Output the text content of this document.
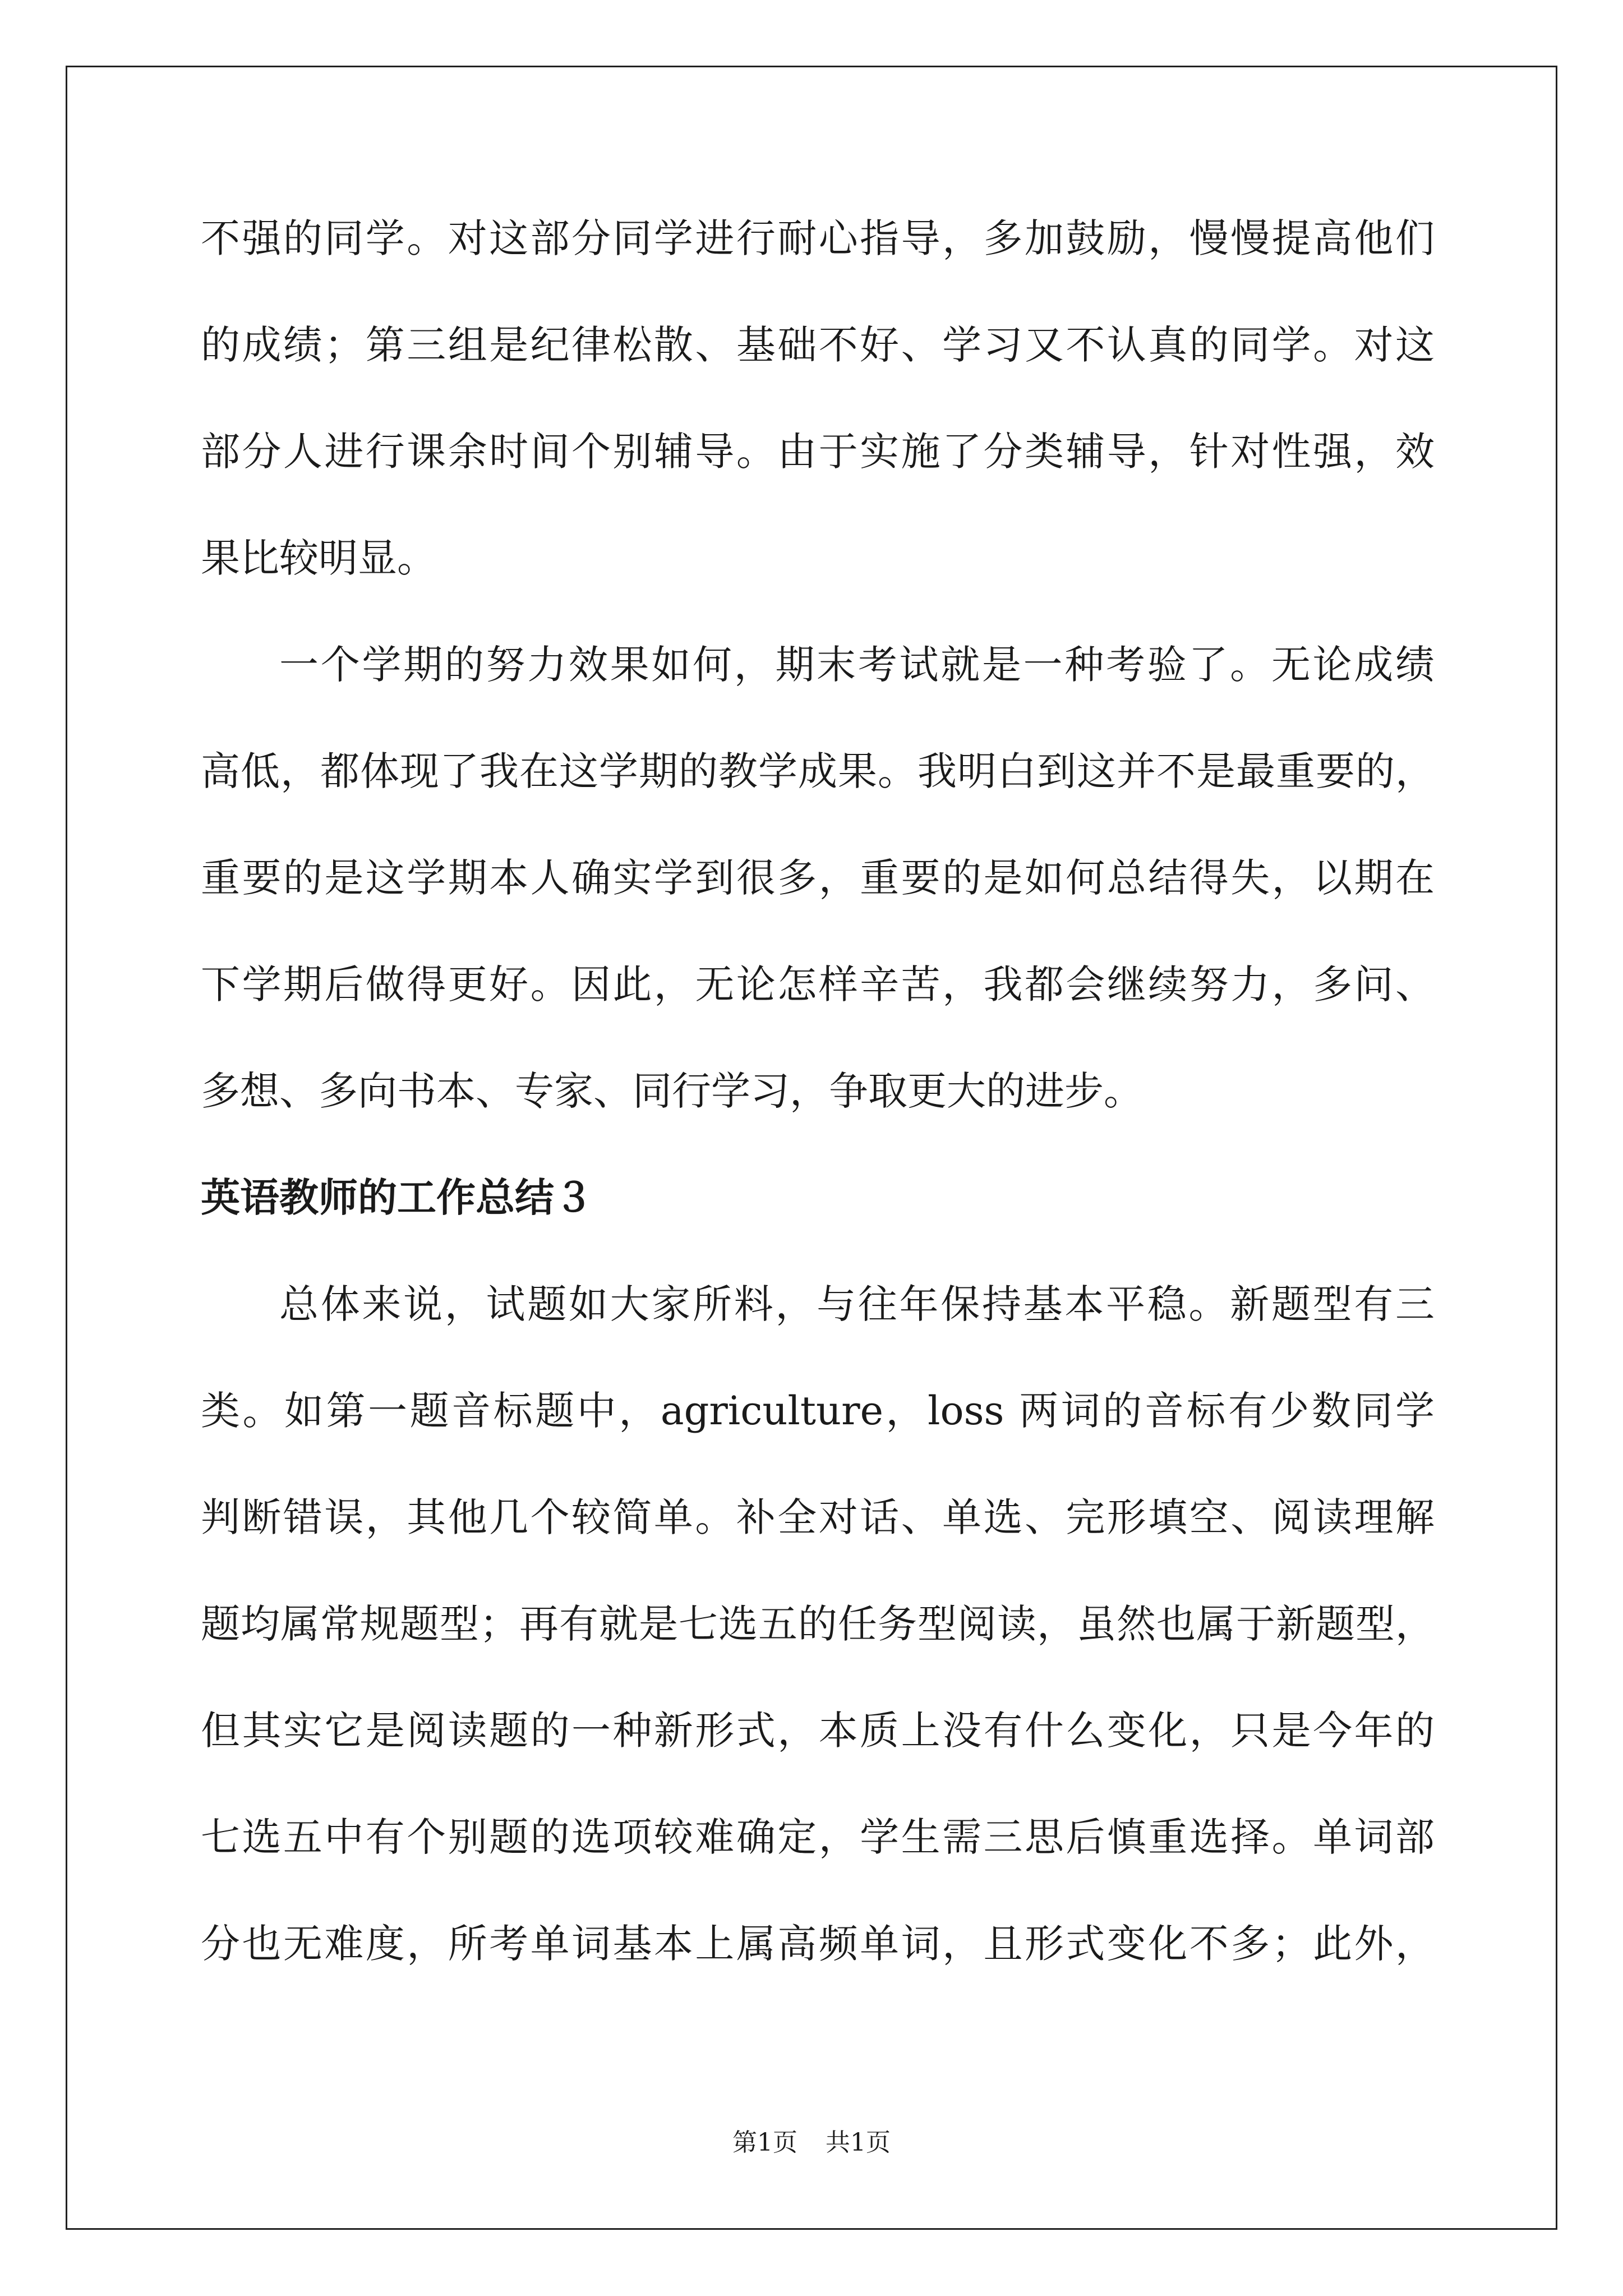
不强的同学。对这部分同学进行耐心指导，多加鼓励，慢慢提高他们

的成绩；第三组是纪律松散、基础不好、学习又不认真的同学。对这

部分人进行课余时间个别辅导。由于实施了分类辅导，针对性强，效

果比较明显。

一个学期的努力效果如何，期末考试就是一种考验了。无论成绩

高低，都体现了我在这学期的教学成果。我明白到这并不是最重要的，

重要的是这学期本人确实学到很多，重要的是如何总结得失，以期在

下学期后做得更好。因此，无论怎样辛苦，我都会继续努力，多问、

多想、多向书本、专家、同行学习，争取更大的进步。

英语教师的工作总结３

总体来说，试题如大家所料，与往年保持基本平稳。新题型有三

类。如第一题音标题中，agriculture，loss 两词的音标有少数同学

判断错误，其他几个较简单。补全对话、单选、完形填空、阅读理解

题均属常规题型；再有就是七选五的任务型阅读，虽然也属于新题型，

但其实它是阅读题的一种新形式，本质上没有什么变化，只是今年的

七选五中有个别题的选项较难确定，学生需三思后慎重选择。单词部

分也无难度，所考单词基本上属高频单词，且形式变化不多；此外，

第1页 共1页
